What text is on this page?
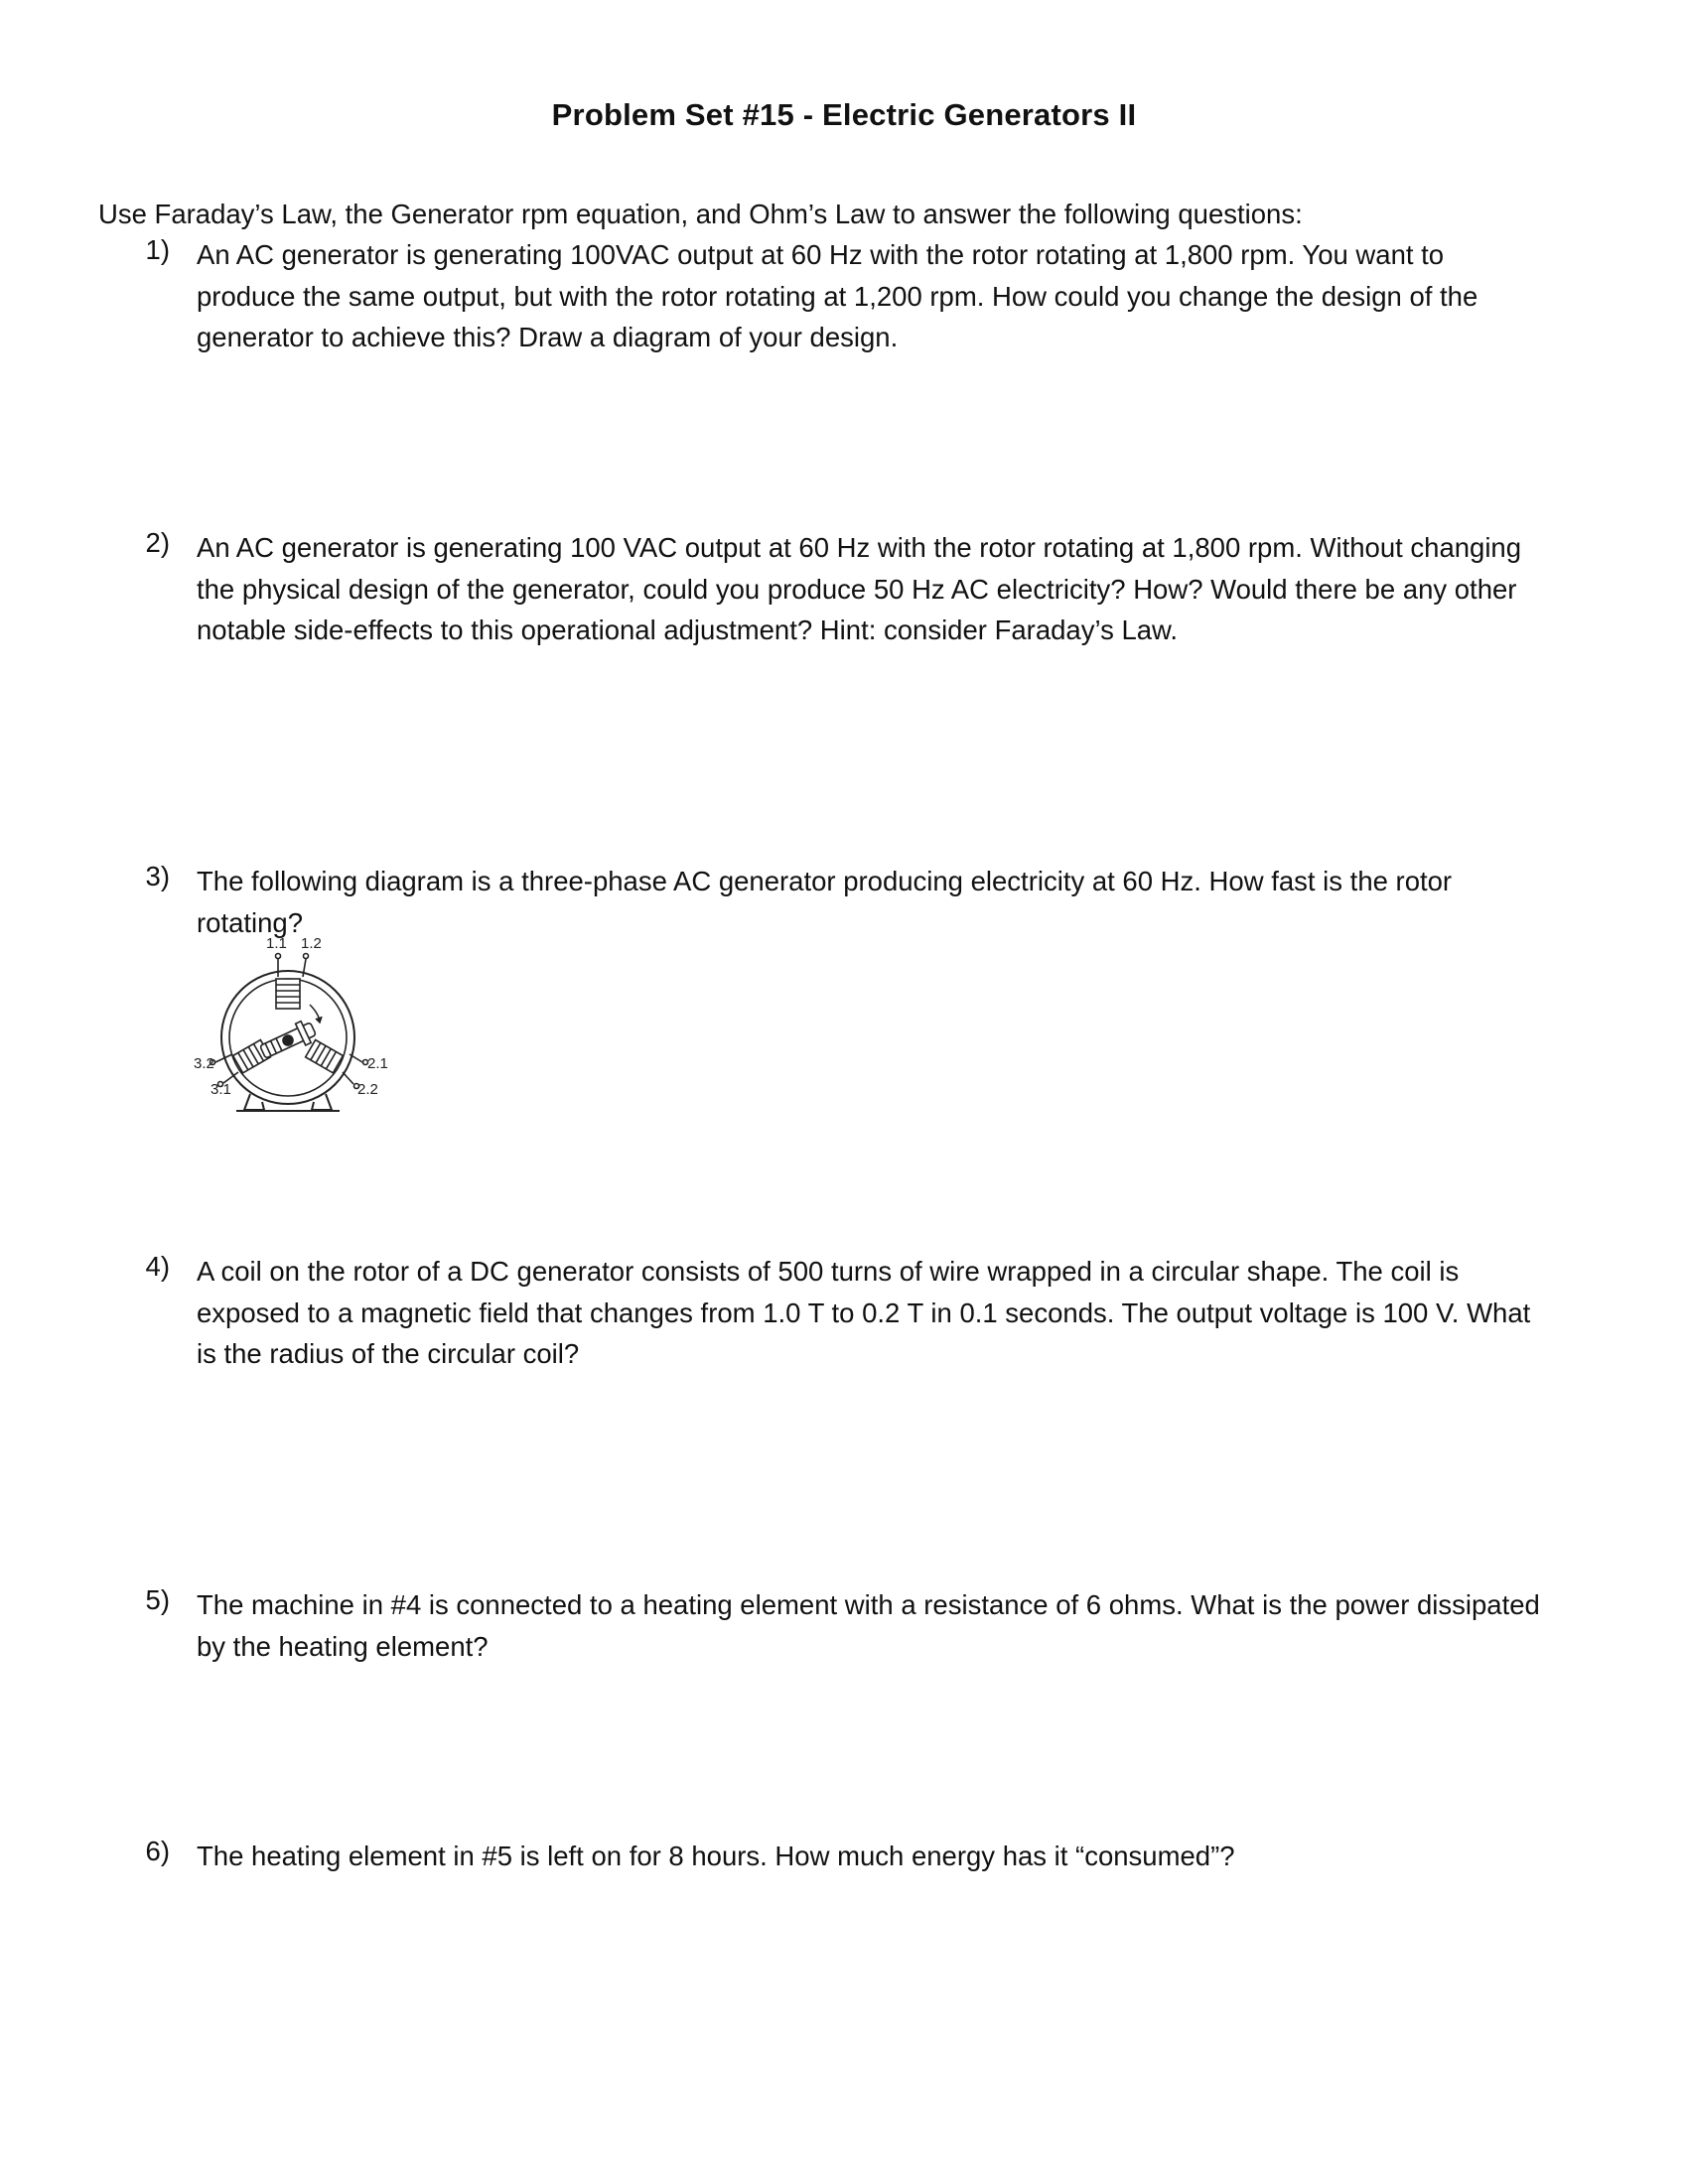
Problem Set #15 - Electric Generators II
Use Faraday’s Law, the Generator rpm equation, and Ohm’s Law to answer the following questions:
1) An AC generator is generating 100VAC output at 60 Hz with the rotor rotating at 1,800 rpm. You want to
produce the same output, but with the rotor rotating at 1,200 rpm. How could you change the design of the
generator to achieve this? Draw a diagram of your design.
2) An AC generator is generating 100 VAC output at 60 Hz with the rotor rotating at 1,800 rpm. Without changing
the physical design of the generator, could you produce 50 Hz AC electricity? How? Would there be any other
notable side-effects to this operational adjustment? Hint: consider Faraday’s Law.
3) The following diagram is a three-phase AC generator producing electricity at 60 Hz. How fast is the rotor
rotating?
1.1 1.2
2.1
2.2
3.1
3.2
4) A coil on the rotor of a DC generator consists of 500 turns of wire wrapped in a circular shape. The coil is
exposed to a magnetic field that changes from 1.0 T to 0.2 T in 0.1 seconds. The output voltage is 100 V. What
is the radius of the circular coil?
5) The machine in #4 is connected to a heating element with a resistance of 6 ohms. What is the power dissipated
by the heating element?
6) The heating element in #5 is left on for 8 hours. How much energy has it “consumed”?
